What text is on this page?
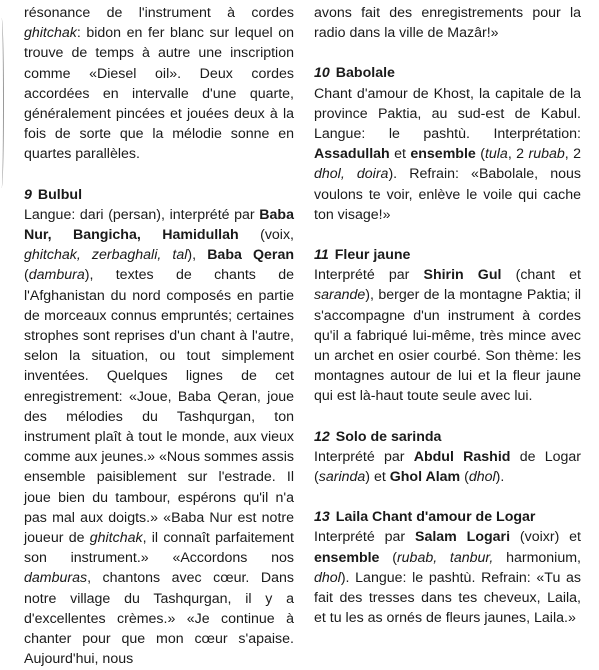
résonance de l'instrument à cordes ghitchak: bidon en fer blanc sur lequel on trouve de temps à autre une inscription comme «Diesel oil». Deux cordes accordées en intervalle d'une quarte, généralement pincées et jouées deux à la fois de sorte que la mélodie sonne en quartes parallèles.

9 Bulbul

Langue: dari (persan), interprété par Baba Nur, Bangicha, Hamidullah (voix, ghitchak, zerbaghali, tal), Baba Qeran (dambura), textes de chants de l'Afghanistan du nord composés en partie de morceaux connus empruntés; certaines strophes sont reprises d'un chant à l'autre, selon la situation, ou tout simplement inventées. Quelques lignes de cet enregistrement: «Joue, Baba Qeran, joue des mélodies du Tashqurgan, ton instrument plaît à tout le monde, aux vieux comme aux jeunes.» «Nous sommes assis ensemble paisiblement sur l'estrade. Il joue bien du tambour, espérons qu'il n'a pas mal aux doigts.» «Baba Nur est notre joueur de ghitchak, il connaît parfaitement son instrument.» «Accordons nos damburas, chantons avec cœur. Dans notre village du Tashqurgan, il y a d'excellentes crèmes.» «Je continue à chanter pour que mon cœur s'apaise. Aujourd'hui, nous

avons fait des enregistrements pour la radio dans la ville de Mazâr!»

10 Babolale

Chant d'amour de Khost, la capitale de la province Paktia, au sud-est de Kabul. Langue: le pashtù. Interprétation: Assadullah et ensemble (tula, 2 rubab, 2 dhol, doira). Refrain: «Babolale, nous voulons te voir, enlève le voile qui cache ton visage!»

11 Fleur jaune

Interprété par Shirin Gul (chant et sarande), berger de la montagne Paktia; il s'accompagne d'un instrument à cordes qu'il a fabriqué lui-même, très mince avec un archet en osier courbé. Son thème: les montagnes autour de lui et la fleur jaune qui est là-haut toute seule avec lui.

12 Solo de sarinda

Interprété par Abdul Rashid de Logar (sarinda) et Ghol Alam (dhol).

13 Laila Chant d'amour de Logar

Interprété par Salam Logari (voixr) et ensemble (rubab, tanbur, harmonium, dhol). Langue: le pashtù. Refrain: «Tu as fait des tresses dans tes cheveux, Laila, et tu les as ornés de fleurs jaunes, Laila.»
